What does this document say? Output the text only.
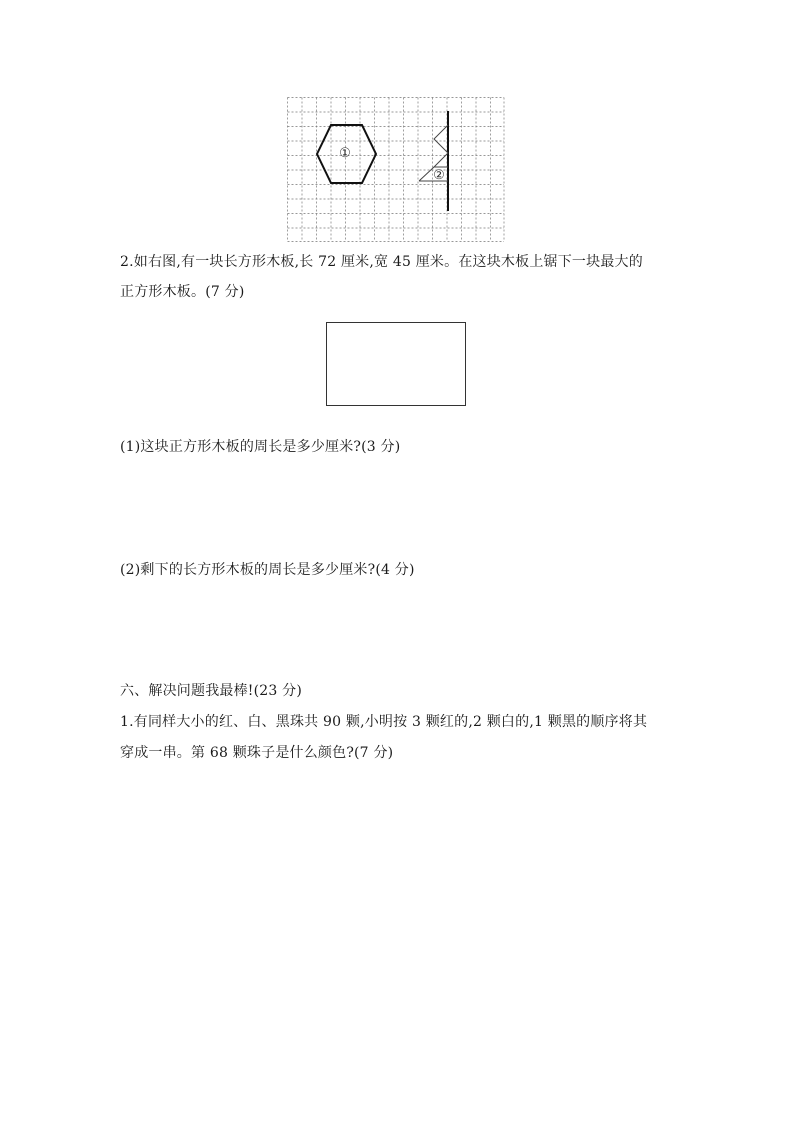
①
②
2.如右图,有一块长方形木板,长 72 厘米,宽 45 厘米。在这块木板上锯下一块最大的
正方形木板。(7 分)
(1)这块正方形木板的周长是多少厘米?(3 分)
(2)剩下的长方形木板的周长是多少厘米?(4 分)
六、解决问题我最棒!(23 分)
1.有同样大小的红、白、黑珠共 90 颗,小明按 3 颗红的,2 颗白的,1 颗黑的顺序将其
穿成一串。第 68 颗珠子是什么颜色?(7 分)
